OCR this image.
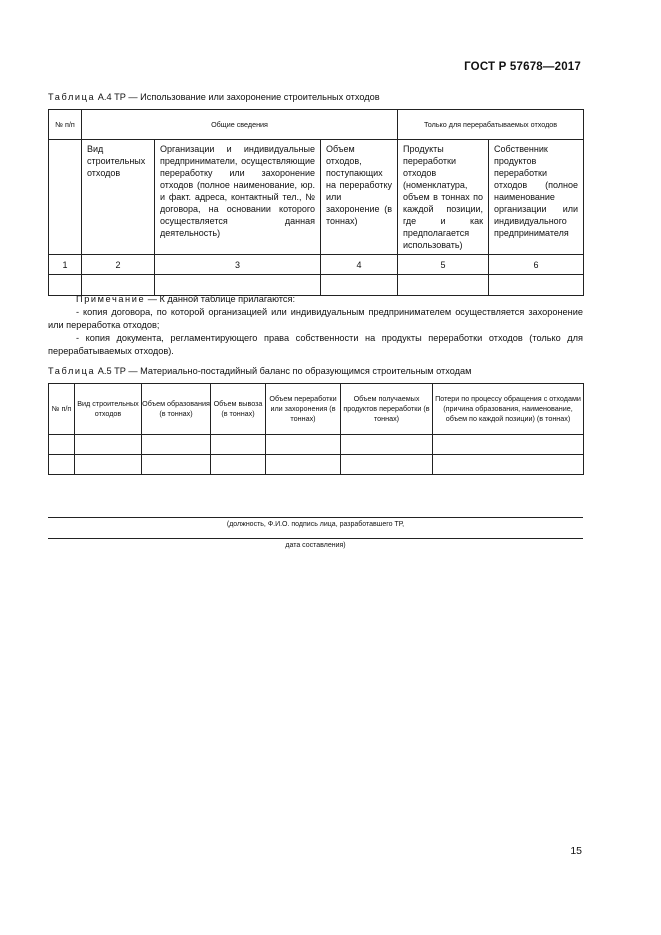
ГОСТ Р 57678—2017
Таблица А.4 ТР — Использование или захоронение строительных отходов
№ п/п	Общие сведения			Только для перерабатываемых отходов	
	Вид строительных отходов	Организации и индивидуальные предприниматели, осуществляющие переработку или захоронение отходов (полное наименование, юр. и факт. адреса, контактный тел., № договора, на основании которого осуществляется данная деятельность)	Объем отходов, поступающих на переработку или захоронение (в тоннах)	Продукты переработки отходов (номенклатура, объем в тоннах по каждой позиции, где и как предполагается использовать)	Собственник продуктов переработки отходов (полное наименование организации или индивидуального предпринимателя
1	2	3	4	5	6

Примечание — К данной таблице прилагаются:

- копия договора, по которой организацией или индивидуальным предпринимателем осуществляется захоронение или переработка отходов;

- копия документа, регламентирующего права собственности на продукты переработки отходов (только для перерабатываемых отходов).

Таблица А.5 ТР — Материально-постадийный баланс по образующимся строительным отходам
№ п/п	Вид строительных отходов	Объем образования (в тоннах)	Объем вывоза (в тоннах)	Объем переработки или захоронения (в тоннах)	Объем получаемых продуктов переработки (в тоннах)	Потери по процессу обращения с отходами (причина образования, наименование, объем по каждой позиции) (в тоннах)

(должность, Ф.И.О. подпись лица, разработавшего ТР,
дата составления)
15
